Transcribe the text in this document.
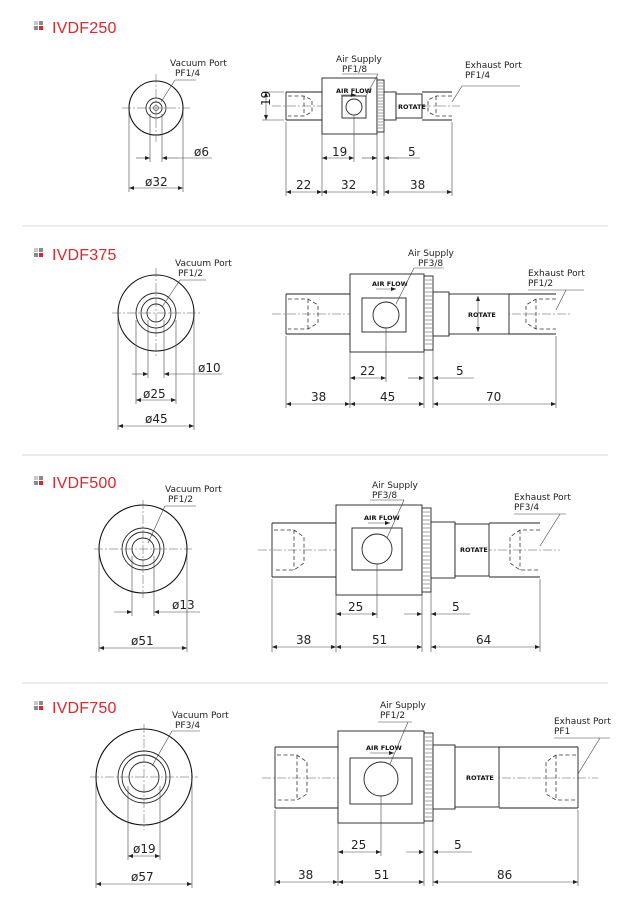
IVDF250
Vacuum Port
PF1/4
ø6
ø32
AIR FLOW
ROTATE
Air Supply
PF1/8	Exhaust Port
PF1/4
19
19	5
22 32	38
IVDF375	Vacuum Port
PF1/2
ø10
ø25
ø45
AIR FLOW
ROTATE
Air Supply
PF3/8
Exhaust Port
PF1/2
22	5
38	45	70
IVDF500	Vacuum Port
PF1/2
ø13
ø51
AIR FLOW
ROTATE
Air Supply
PF3/8	Exhaust Port
PF3/4
25	5
38	51	64
IVDF750	Vacuum Port
PF3/4
ø19
ø57
AIR FLOW
ROTATE
Air Supply
PF1/2
Exhaust Port
PF1
25	5
38	51	86
